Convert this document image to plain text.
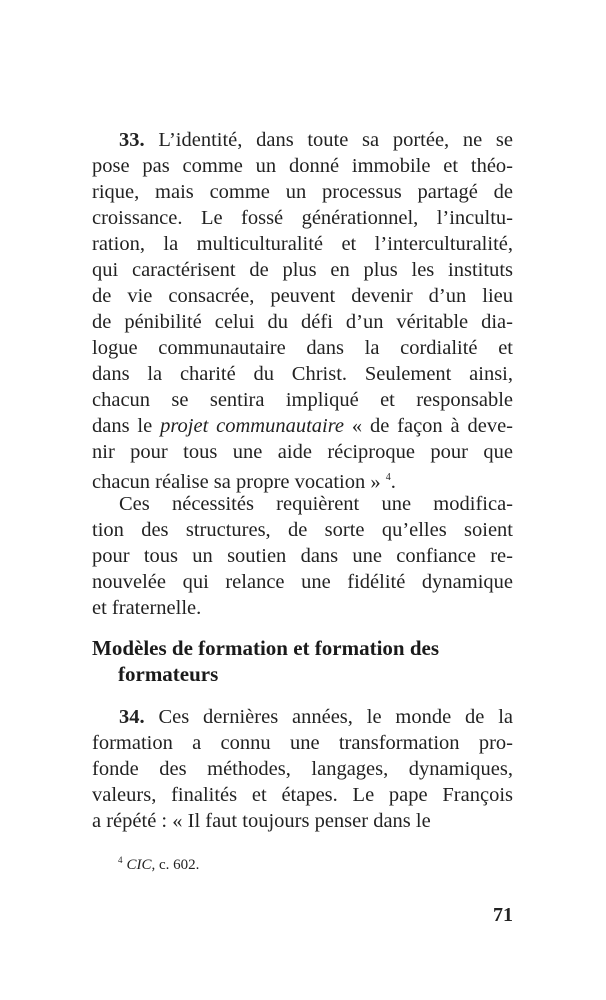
Modèles de formation et formation des
formateurs
$^4$ CIC, c. 602.
71
33. L’identité, dans toute sa portée, ne se
pose pas comme un donné immobile et théo-
rique, mais comme un processus partagé de
croissance. Le fossé générationnel, l’incultu-
ration, la multiculturalité et l’interculturalité,
qui caractérisent de plus en plus les instituts
de vie consacrée, peuvent devenir d’un lieu
de pénibilité celui du défi d’un véritable dia-
logue communautaire dans la cordialité et
dans la charité du Christ. Seulement ainsi,
chacun se sentira impliqué et responsable
dans le projet communautaire « de façon à deve-
nir pour tous une aide réciproque pour que
chacun réalise sa propre vocation » $^4$.
Ces nécessités requièrent une modifica-
tion des structures, de sorte qu’elles soient
pour tous un soutien dans une confiance re-
nouvelée qui relance une fidélité dynamique
et fraternelle.
34. Ces dernières années, le monde de la
formation a connu une transformation pro-
fonde des méthodes, langages, dynamiques,
valeurs, finalités et étapes. Le pape François
a répété : « Il faut toujours penser dans le
